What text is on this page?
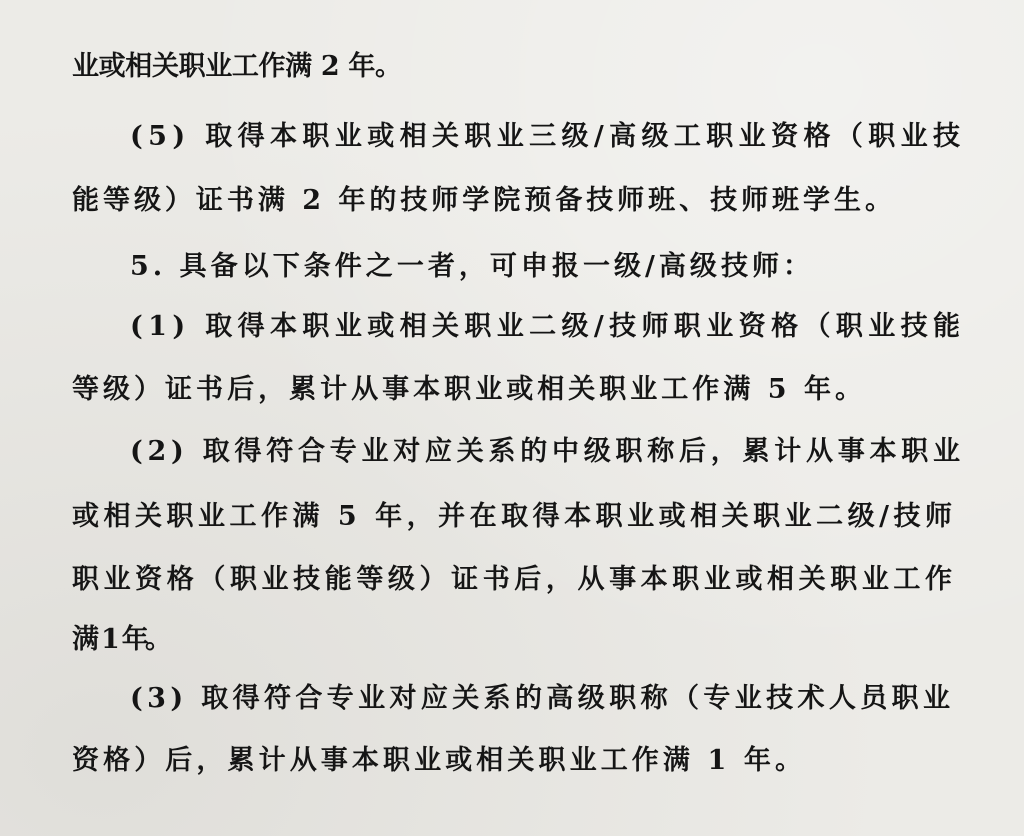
业或相关职业工作满 2 年。
(5) 取得本职业或相关职业三级/高级工职业资格（职业技
能等级）证书满 2 年的技师学院预备技师班、技师班学生。
5. 具备以下条件之一者，可申报一级/高级技师：
(1) 取得本职业或相关职业二级/技师职业资格（职业技能
等级）证书后，累计从事本职业或相关职业工作满 5 年。
(2) 取得符合专业对应关系的中级职称后，累计从事本职业
或相关职业工作满 5 年，并在取得本职业或相关职业二级/技师
职业资格（职业技能等级）证书后，从事本职业或相关职业工作
满 1 年。
(3) 取得符合专业对应关系的高级职称（专业技术人员职业
资格）后，累计从事本职业或相关职业工作满 1 年。
